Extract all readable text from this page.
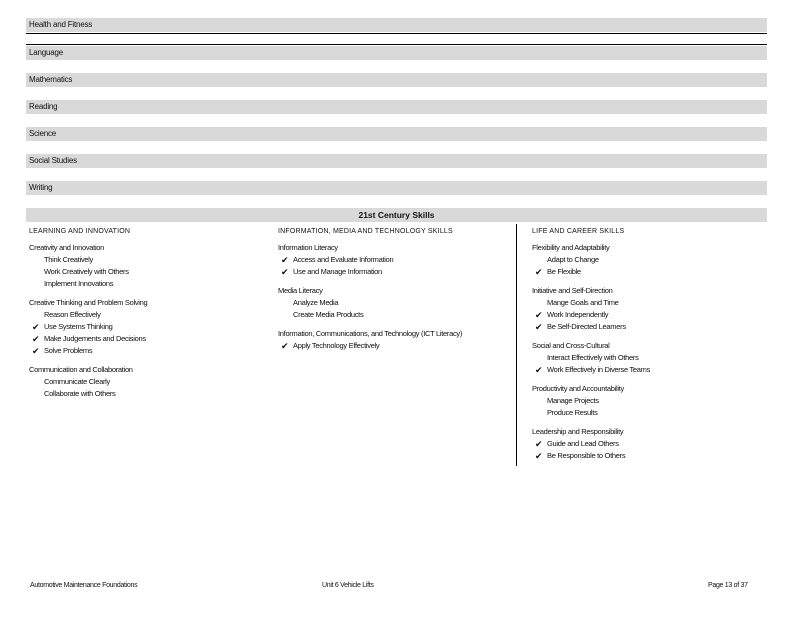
Health and Fitness
Language
Mathematics
Reading
Science
Social Studies
Writing
21st Century Skills
LEARNING AND INNOVATION
Creativity and Innovation
Think Creatively
Work Creatively with Others
Implement Innovations
Creative Thinking and Problem Solving
Reason Effectively
✔ Use Systems Thinking
✔ Make Judgements and Decisions
✔ Solve Problems
Communication and Collaboration
Communicate Clearly
Collaborate with Others
INFORMATION, MEDIA AND TECHNOLOGY SKILLS
Information Literacy
✔ Access and Evaluate Information
✔ Use and Manage Information
Media Literacy
Analyze Media
Create Media Products
Information, Communications, and Technology (ICT Literacy)
✔ Apply Technology Effectively
LIFE AND CAREER SKILLS
Flexibility and Adaptability
Adapt to Change
✔ Be Flexible
Initiative and Self-Direction
Mange Goals and Time
✔ Work Independently
✔ Be Self-Directed Learners
Social and Cross-Cultural
Interact Effectively with Others
✔ Work Effectively in Diverse Teams
Productivity and Accountability
Manage Projects
Produce Results
Leadership and Responsibility
✔ Guide and Lead Others
✔ Be Responsible to Others
Automotive Maintenance Foundations	Unit 6 Vehicle Lifts	Page 13 of 37
